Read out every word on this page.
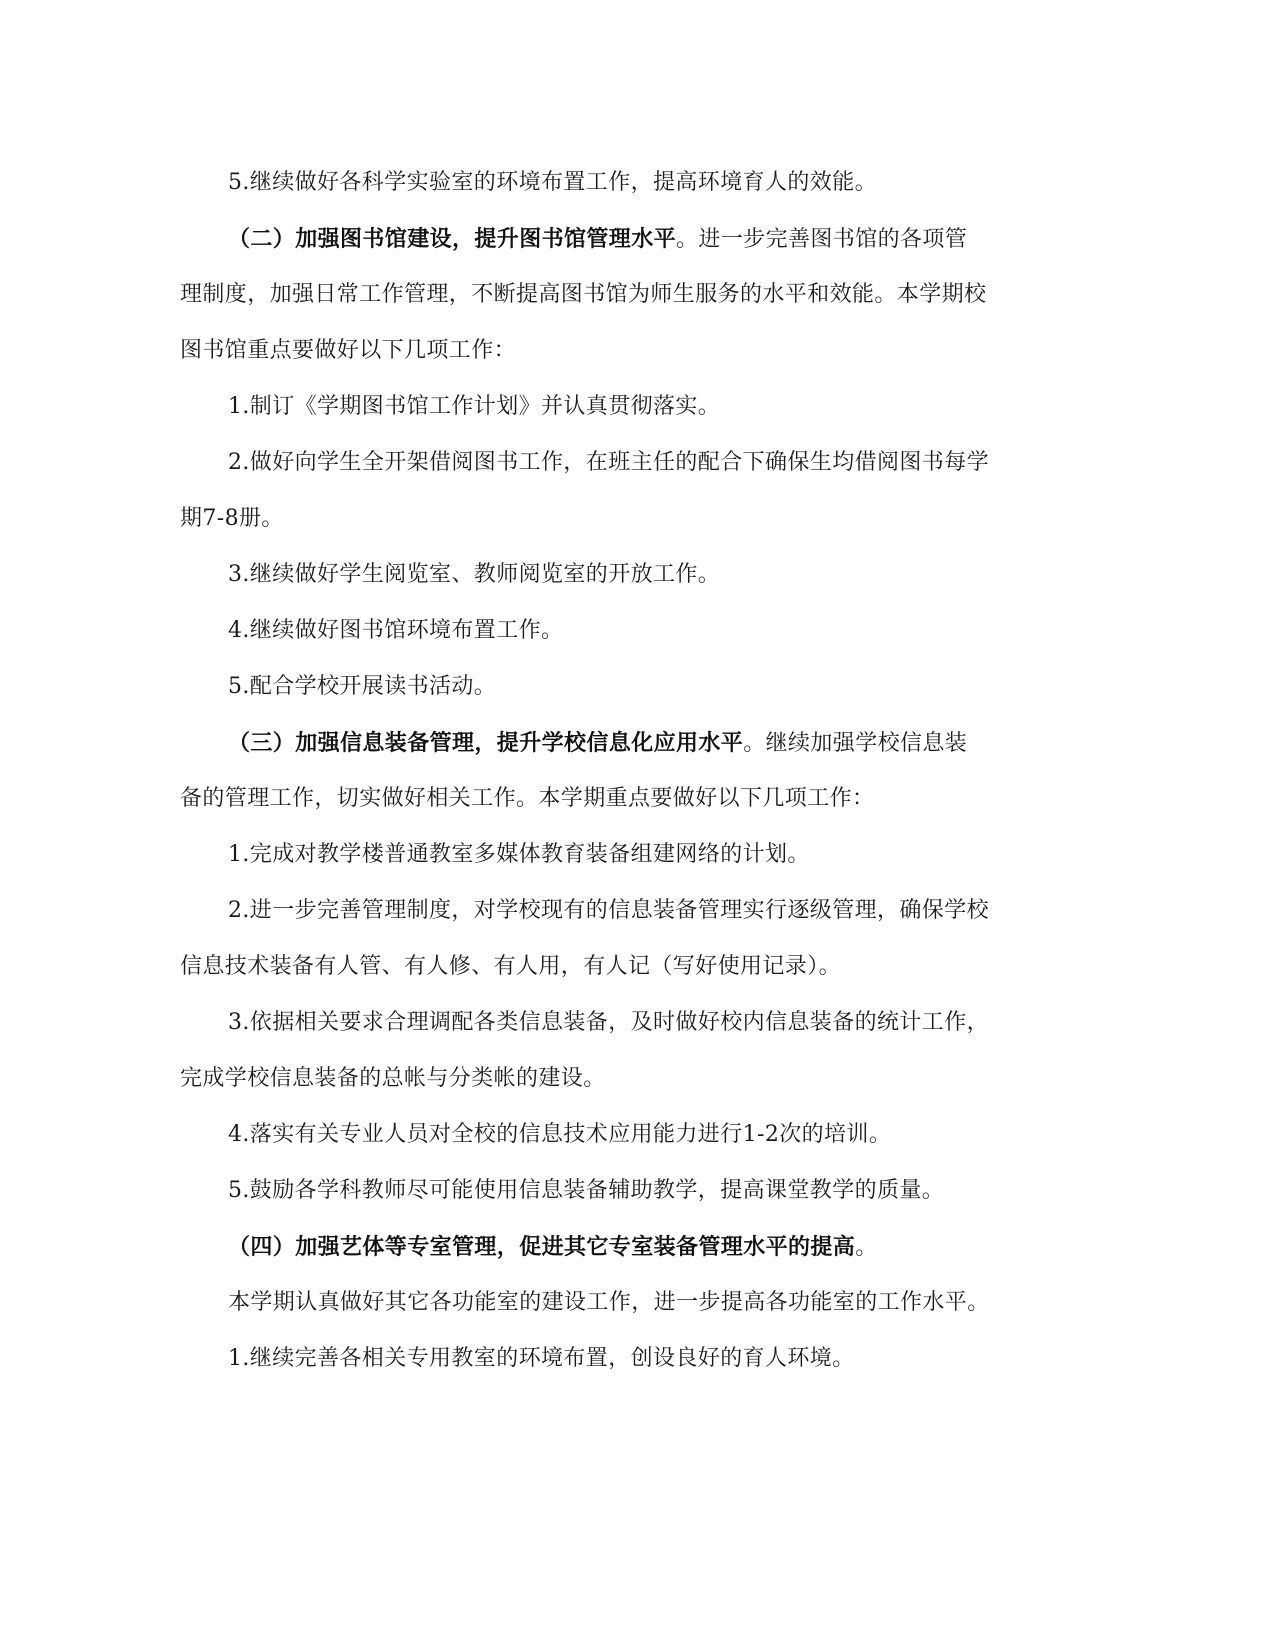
5.继续做好各科学实验室的环境布置工作，提高环境育人的效能。
（二）加强图书馆建设，提升图书馆管理水平。进一步完善图书馆的各项管
理制度，加强日常工作管理，不断提高图书馆为师生服务的水平和效能。本学期校
图书馆重点要做好以下几项工作：
1.制订《学期图书馆工作计划》并认真贯彻落实。
2.做好向学生全开架借阅图书工作，在班主任的配合下确保生均借阅图书每学
期7-8册。
3.继续做好学生阅览室、教师阅览室的开放工作。
4.继续做好图书馆环境布置工作。
5.配合学校开展读书活动。
（三）加强信息装备管理，提升学校信息化应用水平。继续加强学校信息装
备的管理工作，切实做好相关工作。本学期重点要做好以下几项工作：
1.完成对教学楼普通教室多媒体教育装备组建网络的计划。
2.进一步完善管理制度，对学校现有的信息装备管理实行逐级管理，确保学校
信息技术装备有人管、有人修、有人用，有人记（写好使用记录）。
3.依据相关要求合理调配各类信息装备，及时做好校内信息装备的统计工作，
完成学校信息装备的总帐与分类帐的建设。
4.落实有关专业人员对全校的信息技术应用能力进行1-2次的培训。
5.鼓励各学科教师尽可能使用信息装备辅助教学，提高课堂教学的质量。
（四）加强艺体等专室管理，促进其它专室装备管理水平的提高。
本学期认真做好其它各功能室的建设工作，进一步提高各功能室的工作水平。
1.继续完善各相关专用教室的环境布置，创设良好的育人环境。
